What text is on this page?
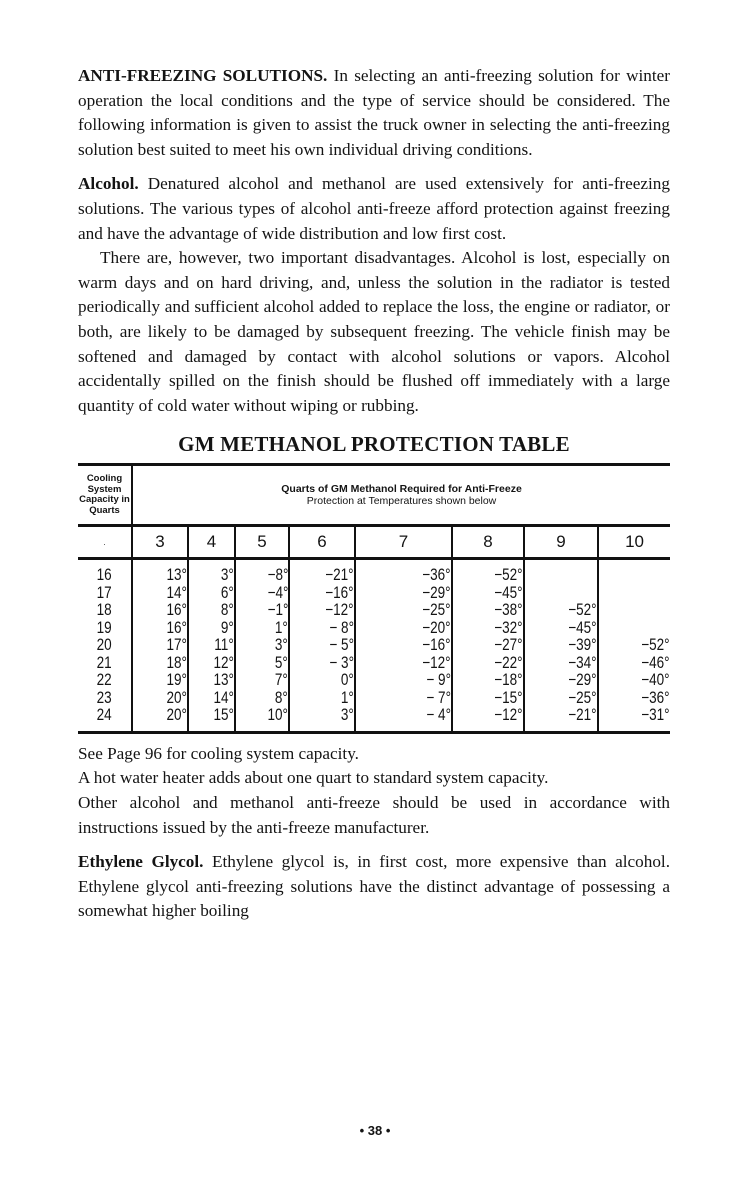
ANTI-FREEZING SOLUTIONS. In selecting an anti-freezing solution for winter operation the local conditions and the type of service should be considered. The following information is given to assist the truck owner in selecting the anti-freezing solution best suited to meet his own individual driving conditions.

Alcohol. Denatured alcohol and methanol are used extensively for anti-freezing solutions. The various types of alcohol anti-freeze afford protection against freezing and have the advantage of wide distribution and low first cost.

There are, however, two important disadvantages. Alcohol is lost, especially on warm days and on hard driving, and, unless the solution in the radiator is tested periodically and sufficient alcohol added to replace the loss, the engine or radiator, or both, are likely to be damaged by subsequent freezing. The vehicle finish may be softened and damaged by contact with alcohol solutions or vapors. Alcohol accidentally spilled on the finish should be flushed off immediately with a large quantity of cold water without wiping or rubbing.

GM METHANOL PROTECTION TABLE
Cooling System Capacity in Quarts	Quarts of GM Methanol Required for Anti-Freeze
Protection at Temperatures shown below							

.	3	4	5	6	7	8	9	10
16	13°	3°	−8°	−21°	−36°	−52°		
17	14°	6°	−4°	−16°	−29°	−45°		
18	16°	8°	−1°	−12°	−25°	−38°	−52°	
19	16°	9°	1°	− 8°	−20°	−32°	−45°	
20	17°	11°	3°	− 5°	−16°	−27°	−39°	−52°
21	18°	12°	5°	− 3°	−12°	−22°	−34°	−46°
22	19°	13°	7°	0°	− 9°	−18°	−29°	−40°
23	20°	14°	8°	1°	− 7°	−15°	−25°	−36°
24	20°	15°	10°	3°	− 4°	−12°	−21°	−31°

See Page 96 for cooling system capacity.

A hot water heater adds about one quart to standard system capacity.

Other alcohol and methanol anti-freeze should be used in accordance with instructions issued by the anti-freeze manufacturer.

Ethylene Glycol. Ethylene glycol is, in first cost, more expensive than alcohol. Ethylene glycol anti-freezing solutions have the distinct advantage of possessing a somewhat higher boiling

• 38 •
